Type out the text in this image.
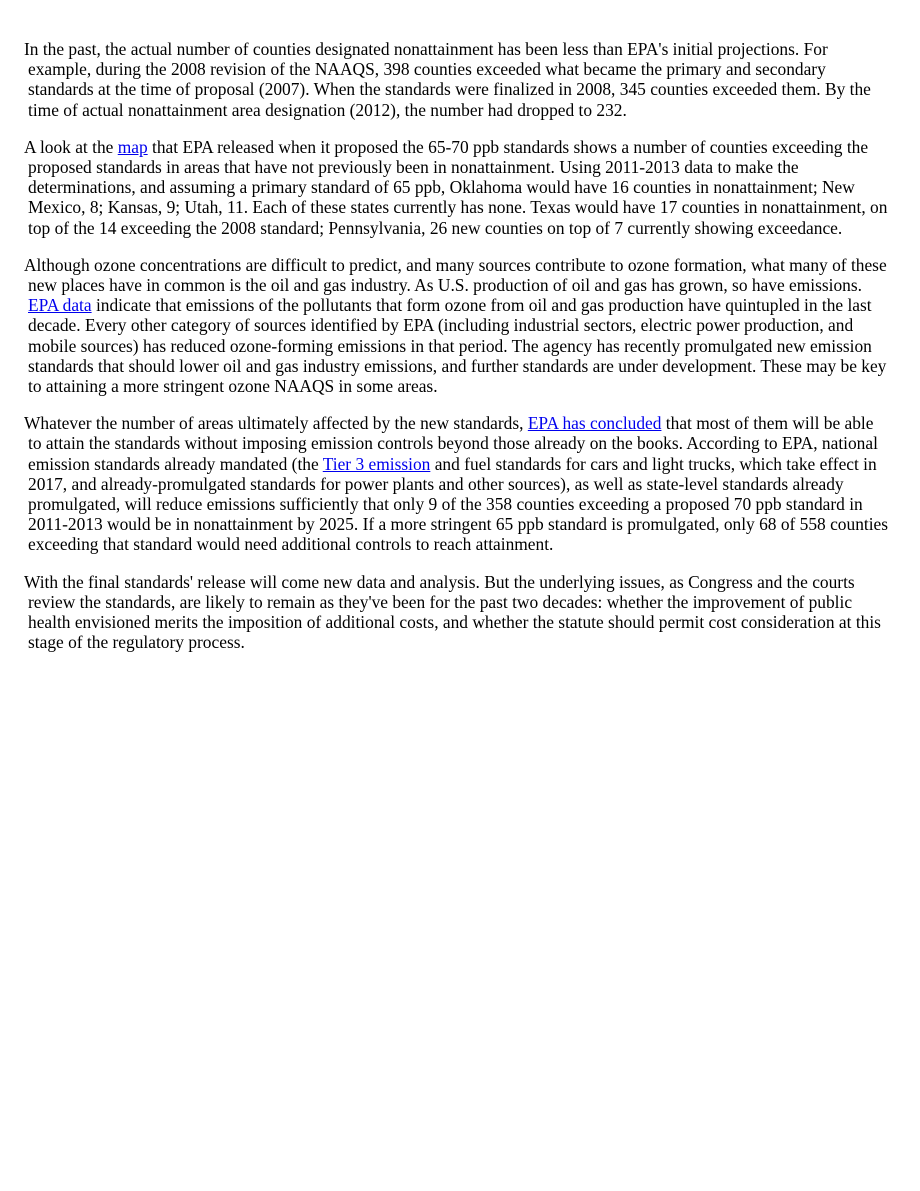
In the past, the actual number of counties designated nonattainment has been less than EPA's initial projections. For example, during the 2008 revision of the NAAQS, 398 counties exceeded what became the primary and secondary standards at the time of proposal (2007). When the standards were finalized in 2008, 345 counties exceeded them. By the time of actual nonattainment area designation (2012), the number had dropped to 232.

A look at the map that EPA released when it proposed the 65-70 ppb standards shows a number of counties exceeding the proposed standards in areas that have not previously been in nonattainment. Using 2011-2013 data to make the determinations, and assuming a primary standard of 65 ppb, Oklahoma would have 16 counties in nonattainment; New Mexico, 8; Kansas, 9; Utah, 11. Each of these states currently has none. Texas would have 17 counties in nonattainment, on top of the 14 exceeding the 2008 standard; Pennsylvania, 26 new counties on top of 7 currently showing exceedance.

Although ozone concentrations are difficult to predict, and many sources contribute to ozone formation, what many of these new places have in common is the oil and gas industry. As U.S. production of oil and gas has grown, so have emissions. EPA data indicate that emissions of the pollutants that form ozone from oil and gas production have quintupled in the last decade. Every other category of sources identified by EPA (including industrial sectors, electric power production, and mobile sources) has reduced ozone-forming emissions in that period. The agency has recently promulgated new emission standards that should lower oil and gas industry emissions, and further standards are under development. These may be key to attaining a more stringent ozone NAAQS in some areas.

Whatever the number of areas ultimately affected by the new standards, EPA has concluded that most of them will be able to attain the standards without imposing emission controls beyond those already on the books. According to EPA, national emission standards already mandated (the Tier 3 emission and fuel standards for cars and light trucks, which take effect in 2017, and already-promulgated standards for power plants and other sources), as well as state-level standards already promulgated, will reduce emissions sufficiently that only 9 of the 358 counties exceeding a proposed 70 ppb standard in 2011-2013 would be in nonattainment by 2025. If a more stringent 65 ppb standard is promulgated, only 68 of 558 counties exceeding that standard would need additional controls to reach attainment.

With the final standards' release will come new data and analysis. But the underlying issues, as Congress and the courts review the standards, are likely to remain as they've been for the past two decades: whether the improvement of public health envisioned merits the imposition of additional costs, and whether the statute should permit cost consideration at this stage of the regulatory process.
